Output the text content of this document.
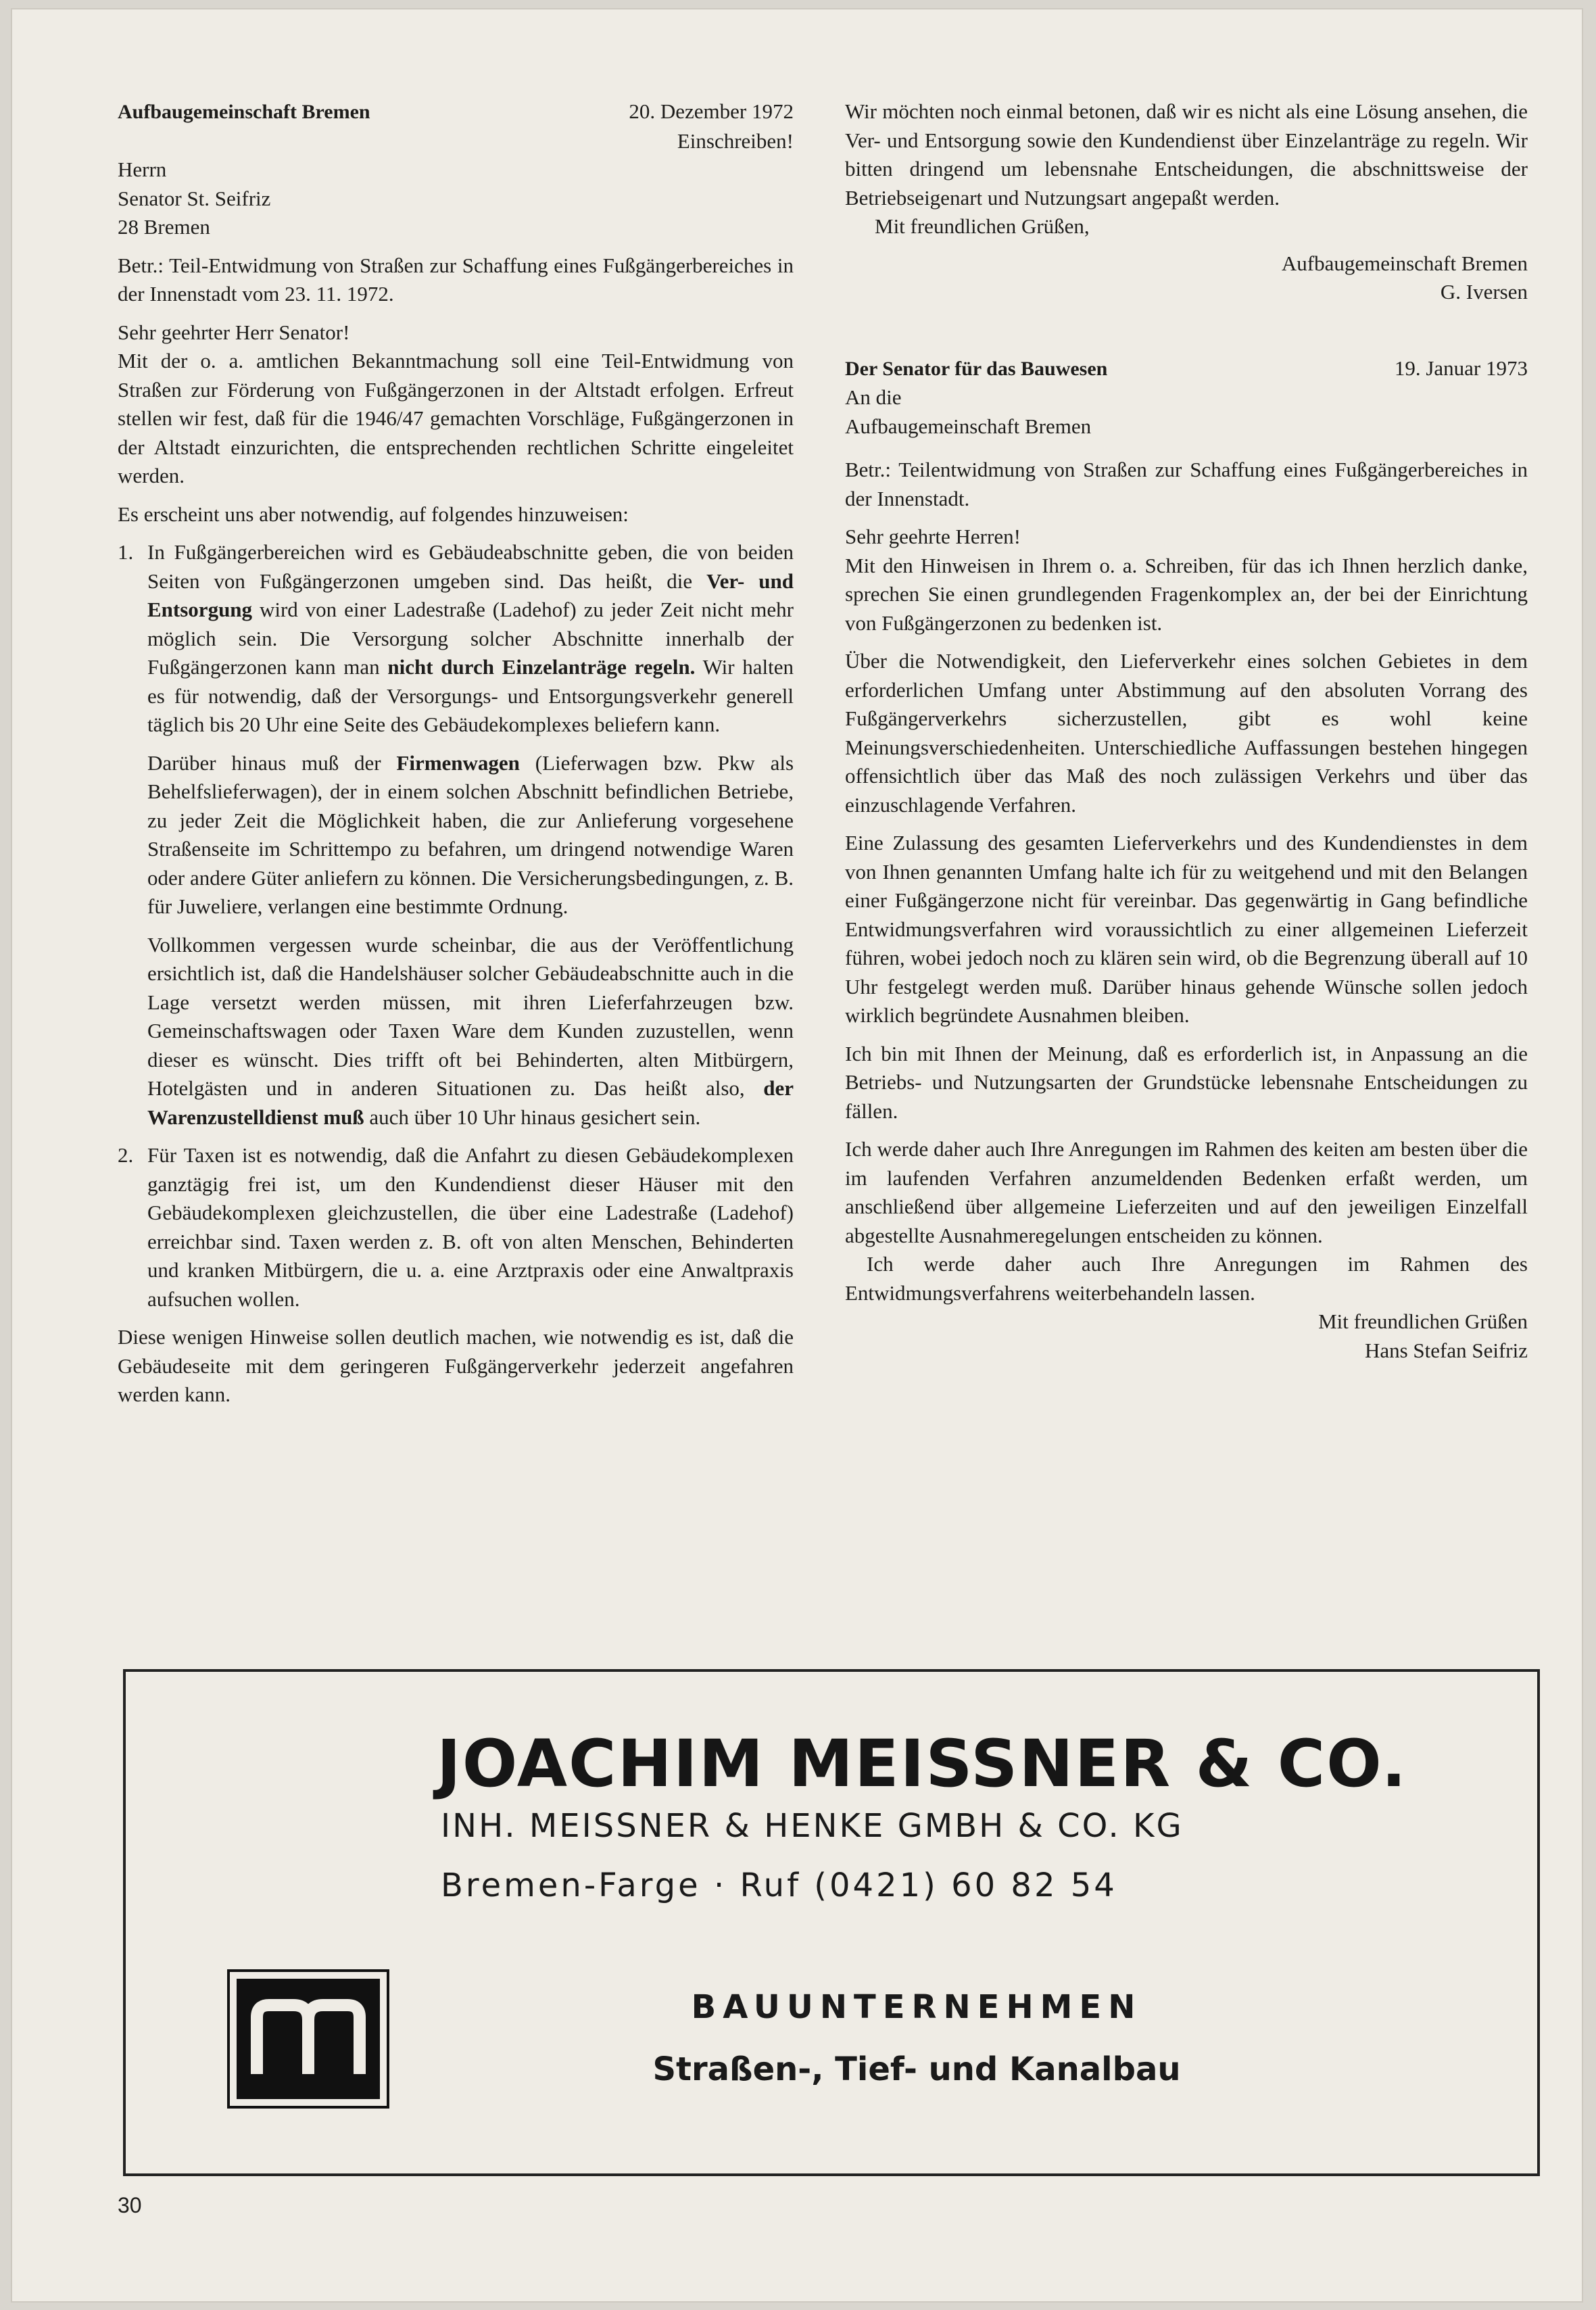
Aufbaugemeinschaft Bremen	20. Dezember 1972
Einschreiben!
Herrn
Senator St. Seifriz
28 Bremen

Betr.: Teil-Entwidmung von Straßen zur Schaffung eines Fußgängerbereiches in der Innenstadt vom 23. 11. 1972.

Sehr geehrter Herr Senator!

Mit der o. a. amtlichen Bekanntmachung soll eine Teil-Entwidmung von Straßen zur Förderung von Fußgängerzonen in der Altstadt erfolgen. Erfreut stellen wir fest, daß für die 1946/47 gemachten Vorschläge, Fußgängerzonen in der Altstadt einzurichten, die entsprechenden rechtlichen Schritte eingeleitet werden.

Es erscheint uns aber notwendig, auf folgendes hinzuweisen:

1. In Fußgängerbereichen wird es Gebäudeabschnitte geben, die von beiden Seiten von Fußgängerzonen umgeben sind. Das heißt, die Ver- und Entsorgung wird von einer Ladestraße (Ladehof) zu jeder Zeit nicht mehr möglich sein. Die Versorgung solcher Abschnitte innerhalb der Fußgängerzonen kann man nicht durch Einzelanträge regeln. Wir halten es für notwendig, daß der Versorgungs- und Entsorgungsverkehr generell täglich bis 20 Uhr eine Seite des Gebäudekomplexes beliefern kann.
Darüber hinaus muß der Firmenwagen (Lieferwagen bzw. Pkw als Behelfslieferwagen), der in einem solchen Abschnitt befindlichen Betriebe, zu jeder Zeit die Möglichkeit haben, die zur Anlieferung vorgesehene Straßenseite im Schrittempo zu befahren, um dringend notwendige Waren oder andere Güter anliefern zu können. Die Versicherungsbedingungen, z. B. für Juweliere, verlangen eine bestimmte Ordnung.
Vollkommen vergessen wurde scheinbar, die aus der Veröffentlichung ersichtlich ist, daß die Handelshäuser solcher Gebäudeabschnitte auch in die Lage versetzt werden müssen, mit ihren Lieferfahrzeugen bzw. Gemeinschaftswagen oder Taxen Ware dem Kunden zuzustellen, wenn dieser es wünscht. Dies trifft oft bei Behinderten, alten Mitbürgern, Hotelgästen und in anderen Situationen zu. Das heißt also, der Warenzustelldienst muß auch über 10 Uhr hinaus gesichert sein.
2. Für Taxen ist es notwendig, daß die Anfahrt zu diesen Gebäudekomplexen ganztägig frei ist, um den Kundendienst dieser Häuser mit den Gebäudekomplexen gleichzustellen, die über eine Ladestraße (Ladehof) erreichbar sind. Taxen werden z. B. oft von alten Menschen, Behinderten und kranken Mitbürgern, die u. a. eine Arztpraxis oder eine Anwaltpraxis aufsuchen wollen.

Diese wenigen Hinweise sollen deutlich machen, wie notwendig es ist, daß die Gebäudeseite mit dem geringeren Fußgängerverkehr jederzeit angefahren werden kann.

Wir möchten noch einmal betonen, daß wir es nicht als eine Lösung ansehen, die Ver- und Entsorgung sowie den Kundendienst über Einzelanträge zu regeln. Wir bitten dringend um lebensnahe Entscheidungen, die abschnittsweise der Betriebseigenart und Nutzungsart angepaßt werden.

Mit freundlichen Grüßen,
Aufbaugemeinschaft Bremen
G. Iversen
Der Senator für das Bauwesen	19. Januar 1973
An die
Aufbaugemeinschaft Bremen

Betr.: Teilentwidmung von Straßen zur Schaffung eines Fußgängerbereiches in der Innenstadt.

Sehr geehrte Herren!

Mit den Hinweisen in Ihrem o. a. Schreiben, für das ich Ihnen herzlich danke, sprechen Sie einen grundlegenden Fragenkomplex an, der bei der Einrichtung von Fußgängerzonen zu bedenken ist.

Über die Notwendigkeit, den Lieferverkehr eines solchen Gebietes in dem erforderlichen Umfang unter Abstimmung auf den absoluten Vorrang des Fußgängerverkehrs sicherzustellen, gibt es wohl keine Meinungsverschiedenheiten. Unterschiedliche Auffassungen bestehen hingegen offensichtlich über das Maß des noch zulässigen Verkehrs und über das einzuschlagende Verfahren.

Eine Zulassung des gesamten Lieferverkehrs und des Kundendienstes in dem von Ihnen genannten Umfang halte ich für zu weitgehend und mit den Belangen einer Fußgängerzone nicht für vereinbar. Das gegenwärtig in Gang befindliche Entwidmungsverfahren wird voraussichtlich zu einer allgemeinen Lieferzeit führen, wobei jedoch noch zu klären sein wird, ob die Begrenzung überall auf 10 Uhr festgelegt werden muß. Darüber hinaus gehende Wünsche sollen jedoch wirklich begründete Ausnahmen bleiben.

Ich bin mit Ihnen der Meinung, daß es erforderlich ist, in Anpassung an die Betriebs- und Nutzungsarten der Grundstücke lebensnahe Entscheidungen zu fällen.

Ich werde daher auch Ihre Anregungen im Rahmen des keiten am besten über die im laufenden Verfahren anzumeldenden Bedenken erfaßt werden, um anschließend über allgemeine Lieferzeiten und auf den jeweiligen Einzelfall abgestellte Ausnahmeregelungen entscheiden zu können.

Ich werde daher auch Ihre Anregungen im Rahmen des Entwidmungsverfahrens weiterbehandeln lassen.

Mit freundlichen Grüßen
Hans Stefan Seifriz
JOACHIM MEISSNER & CO.
INH. MEISSNER & HENKE GMBH & CO. KG
Bremen-Farge · Ruf (0421) 60 82 54
BAUUNTERNEHMEN
Straßen-, Tief- und Kanalbau
30
